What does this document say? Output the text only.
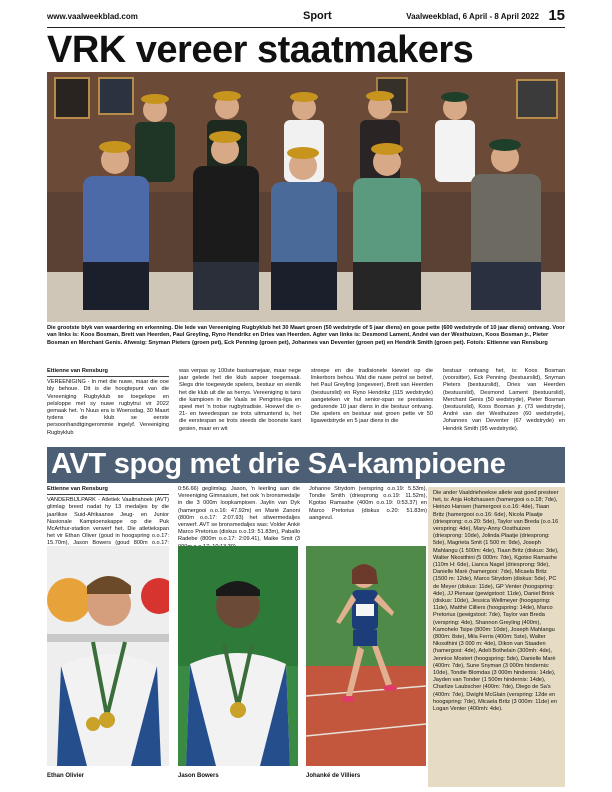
www.vaalweekblad.com	Sport	Vaalweekblad, 6 April - 8 April 2022 15
VRK vereer staatmakers
Die grootste blyk van waardering en erkenning. Die lede van Vereeniging Rugbyklub het 30 Maart groen (50 wedstryde of 5 jaar diens) en goue pette (600 wedstryde of 10 jaar diens) ontvang. Voor van links is: Koos Bosman, Brett van Heerden, Paul Greyling, Ryno Hendrikz en Dries van Heerden. Agter van links is: Desmond Lament, André van der Westhuizen, Koos Bosman jr., Pieter Bosman en Merchant Genis. Afwesig: Snyman Pieters (groen pet), Eck Penning (groen pet), Johannes van Deventer (groen pet) en Hendrik Smith (groen pet). Foto/s: Ettienne van Rensburg
Ettienne van Rensburg

VEREENIGING - In met die nuwe, maar die ooe bly behoue. Dit is die hoogtepunt van die Vereeniging Rugbyklub se toegelope en pelsloppe met sy nuwe rugbytrui vir 2022 gemaak het. 'n Nuus era is Woensdag, 30 Maart tydens die klub se eerste persoonhandtgingerommie ingelyf. Vereeniging Rugbyklub

was verpas sy 100ste basisamejaar, maar nege jaar gelede het die klub aspoer toegemaak. Slegs drie toegewyde spelers, bestuur en eienlik het die klub uit die as herrys. Vereeniging is tans die kampioen in die Vaals se Pengrins-liga en speel met 'n trotse rugbytradisie. Hoewel die o-21- en tweedespan se trots uitmuntend is, het die eerstespan se trots steeds die boonste kant gesien, maar en wit

streepe en die tradisionele kiewiet op die linkerbors behou. Wat die nuwe petrol se betref, het Paul Greyling (ongeveer), Brett van Heerden (bestuurslid) en Ryno Hendrikz (115 wedstryde) aangeteken vir hul senior-span se prestasies gedurende 10 jaar diens in die bestuur ontvang. Die spelers en bestuur wat groen pette vir 50 ligawedstryde en 5 jaar diens in die

bestuur ontvang het, is: Koos Bosman (voorsitter), Eck Penning (bestuurslid), Snyman Pieters (bestuurslid), Dries van Heerden (bestuurslid), Desmond Lament (bestuurslid), Merchant Genis (50 wedstryde), Pieter Bosman (bestuurslid), Koos Bosman jr. (73 wedstryde), André van der Westhuizen (60 wedstryde), Johannes van Deventer (67 wedstryde) en Hendrik Smith (95 wedstryde).

AVT spog met drie SA-kampioene
Ettienne van Rensburg

VANDERBIJLPARK - Atletiek Vaaltriahoek (AVT) glimlag breed nadat hy 13 medaljes by die jaarlikse Suid-Afrikaanse Jeug- en Junior Nasionale Kampioenskappe op die Puk McArthur-stadion verwerf het. Die atletiekspan het vir Ethan Oliver (goud in hoogspring o.o.17: 15.70m), Jason Bowers (goud 800m o.o.17:

0:56.66) geglimlag. Jason, 'n leerling aan die Vereeniging Gimnasium, het ook 'n bronsmedalje in die 3 000m loopkampioen. Jaylin van Dyk (hamergooi o.o.16: 47.92m) en Mariè Zanoni (800m o.o.17: 2:07.93) het silwermedaljes verwerf. AVT se bronsmedaljes was: Volder Ankë Marco Pretorius (diskus o.o.19: 51.83m), Paballo Radebe (800m o.o.17: 2:09.41), Maike Smit (3

Johanne Strydom (verspring o.o.19: 5.53m), Tondie Smith (driesprong o.o.19: 11.52m), Kgotso Ramashe (400m o.o.19: 0:53.37) en Marco Pretorius (diskus o.20: 51.83m) aangevul.

Ethan Olivier	Jason Bowers	Johanké de Villiers
Die ander Vaaldriehoekse atlete wat goed presteer het, is: Anja Holtzhausen (hamergooi o.o.18; 7de), Heinzo Hansen (hamergooi o.o.16: 4de), Tiaan Britz (hamergooi o.o.16: 6de), Nicola Plaatje (driesprong: o.o.20: 5de), Taylor van Breda (o.o.16 verspring: 4de), Mary-Anny Oosthuizen (driesprong: 10de), Jolinda Plaatje (driesprong: 5de), Magrieta Smit (1 500 m: 9de), Joseph Mahlangu (1 500m: 4de), Tiaan Britz (diskus: 3de), Walter Nkosithini (5 000m: 7de), Kgotso Ramashe (110m H: 6de), Lianca Nagel (driesprong: 9de), Danielle Marè (hamergooi: 7de), Micaela Britz (1500 m: 12de), Marco Strydom (diskus: 5de), PC de Meyer (diskus: 11de), GP Venter (hoogspring: 4de), JJ Pienaar (gewigstoot: 11de), Daniel Brink (diskus: 10de), Jessica Wellmeyer (hoogspring: 11de), Matthé Cilliers (hoogspring: 14de), Marco Pretorius (gewigstoot: 7de), Taylor van Breda (verspring: 4de), Shannon Greyling (400m), Kamohelo Tsipe (800m: 10de), Joseph Mahlangu (800m: 8ste), Mila Ferris (400m: 5ste), Walter Nkosithini (3 000 m: 4de), Dikon van Staaden (hamergooi: 4de), Adeli Bothelain (300mh: 4de), Jennice Mostert (hoogspring: 5de), Danielle Marè (400m: 7de), Sune Snyman (3 000m hindernis: 10de), Tondie Blomdas (3 000m hindernis: 14de), Jayden van Tonder (1 500m hindernis: 14de), Charlize Laubscher (400m: 7de), Diego de Sa's (400m: 7de), Dwight McGlain (verspring: 12de en hoogspring: 7de), Micaela Britz (3 000m: 11de) en Logan Venter (400mh: 4de).
